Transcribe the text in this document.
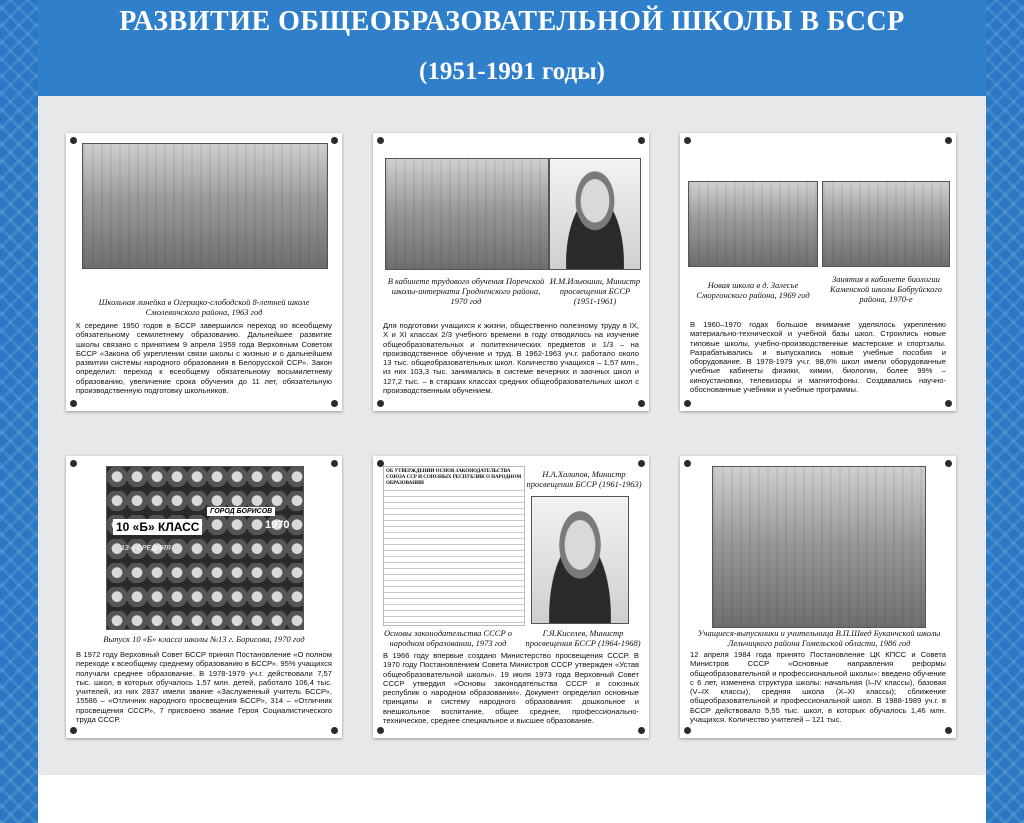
РАЗВИТИЕ ОБЩЕОБРАЗОВАТЕЛЬНОЙ ШКОЛЫ В БССР
(1951-1991 годы)
Школьная линейка в Огерицко-слободской 8-летней школе Смолевичского района, 1963 год
К середине 1950 годов в БССР завершился переход ко всеобщему обязательному семилетнему образованию. Дальнейшее развитие школы связано с принятием 9 апреля 1959 года Верховным Советом БССР «Закона об укреплении связи школы с жизнью и о дальнейшем развитии системы народного образования в Белорусской ССР». Закон определил: переход к всеобщему обязательному восьмилетнему образованию, увеличение срока обучения до 11 лет, обязательную производственную подготовку школьников.
В кабинете трудового обучения Поречской школы-интерната Гродненского района, 1970 год
И.М.Ильюшин, Министр просвещения БССР (1951-1961)
Для подготовки учащихся к жизни, общественно полезному труду в IX, X и XI классах 2/3 учебного времени в году отводилось на изучение общеобразовательных и политехнических предметов и 1/3 – на производственное обучение и труд. В 1962-1963 уч.г. работало около 13 тыс. общеобразовательных школ. Количество учащихся – 1,57 млн., из них 103,3 тыс. занимались в системе вечерних и заочных школ и 127,2 тыс. – в старших классах средних общеобразовательных школ с производственным обучением.
Новая школа в д. Залесье Сморгонского района, 1969 год
Занятия в кабинете биологии Каменской школы Бобруйского района, 1970-е
В 1960–1970 годах большое внимание уделялось укреплению материально-технической и учебной базы школ. Строились новые типовые школы, учебно-производственные мастерские и спортзалы. Разрабатывались и выпускались новые учебные пособия и оборудование. В 1978-1979 уч.г. 98,6% школ имели оборудованные учебные кабинеты физики, химии, биологии, более 99% – киноустановки, телевизоры и магнитофоны. Создавались научно-обоснованные учебники и учебные программы.
10 «Б» КЛАСС
ГОРОД БОРИСОВ
1970
13-я СРЕДНЯЯ
Выпуск 10 «Б» класса школы №13 г. Борисова, 1970 год
В 1972 году Верховный Совет БССР принял Постановление «О полном переходе к всеобщему среднему образованию в БССР». 95% учащихся получали среднее образование. В 1978-1979 уч.г. действовали 7,57 тыс. школ, в которых обучалось 1,57 млн. детей, работало 106,4 тыс. учителей, из них 2837 имели звание «Заслуженный учитель БССР», 15586 – «Отличник народного просвещения БССР», 314 – «Отличник просвещения СССР», 7 присвоено звание Героя Социалистического труда СССР.
ОБ УТВЕРЖДЕНИИ ОСНОВ ЗАКОНОДАТЕЛЬСТВА СОЮЗА ССР И СОЮЗНЫХ РЕСПУБЛИК О НАРОДНОМ ОБРАЗОВАНИИ
Н.А.Халипов, Министр просвещения БССР (1961-1963)
Основы законодательства СССР о народном образовании, 1973 год
Г.Я.Киселев, Министр просвещения БССР (1964-1968)
В 1966 году впервые создано Министерство просвещения СССР. В 1970 году Постановлением Совета Министров СССР утвержден «Устав общеобразовательной школы». 19 июля 1973 года Верховный Совет СССР утвердил «Основы законодательства СССР и союзных республик о народном образовании». Документ определил основные принципы и систему народного образования: дошкольное и внешкольное воспитание, общее среднее, профессионально-техническое, среднее специальное и высшее образование.
Учащиеся-выпускники и учительница В.П.Швед Буканчской школы Лельчицкого района Гомельской области, 1986 год
12 апреля 1984 года принято Постановление ЦК КПСС и Совета Министров СССР «Основные направления реформы общеобразовательной и профессиональной школы»: введено обучение с 6 лет, изменена структура школы: начальная (I–IV классы), базовая (V–IX классы), средняя школа (X–XI классы); сближение общеобразовательной и профессиональной школ. В 1988-1989 уч.г. в БССР действовало 5,55 тыс. школ, в которых обучалось 1,46 млн. учащихся. Количество учителей – 121 тыс.
